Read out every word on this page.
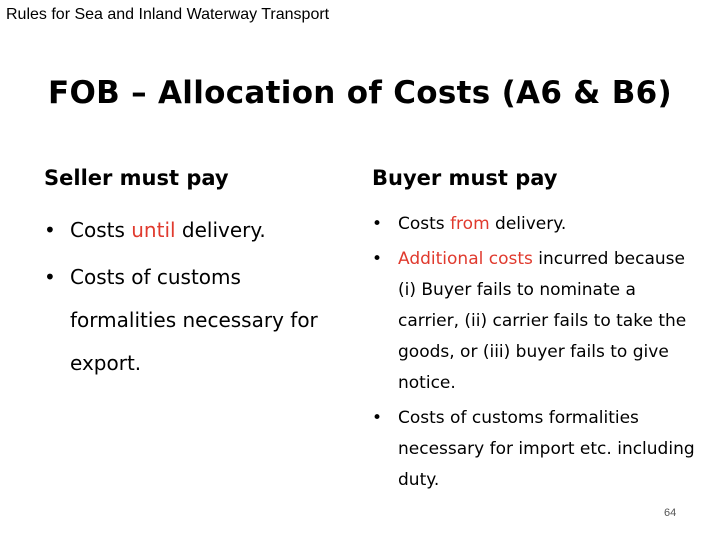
Rules for Sea and Inland Waterway Transport
FOB – Allocation of Costs (A6 & B6)
Seller must pay
• Costs until delivery.
• Costs of customs formalities necessary for export.
Buyer must pay
• Costs from delivery.
• Additional costs incurred because (i) Buyer fails to nominate a carrier, (ii) carrier fails to take the goods, or (iii) buyer fails to give notice.
• Costs of customs formalities necessary for import etc. including duty.
64
